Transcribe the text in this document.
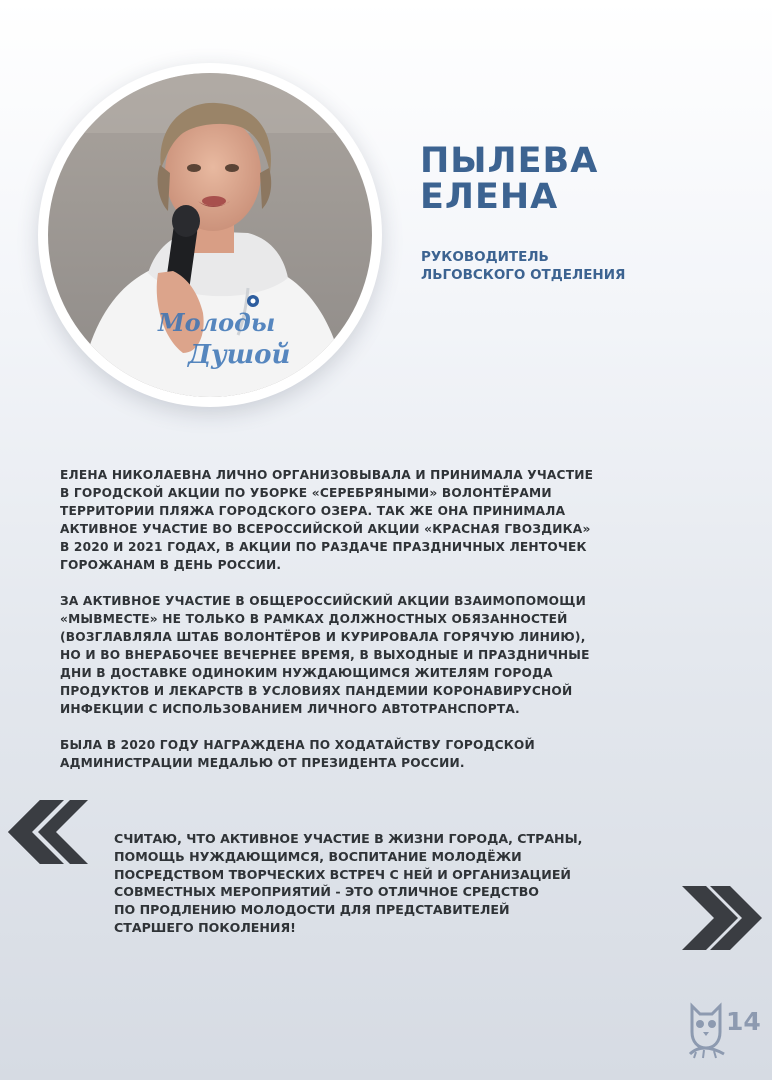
Молоды
Душой
ПЫЛЕВА
ЕЛЕНА

РУКОВОДИТЕЛЬ
ЛЬГОВСКОГО ОТДЕЛЕНИЯ

ЕЛЕНА НИКОЛАЕВНА ЛИЧНО ОРГАНИЗОВЫВАЛА И ПРИНИМАЛА УЧАСТИЕ
В ГОРОДСКОЙ АКЦИИ ПО УБОРКЕ «СЕРЕБРЯНЫМИ» ВОЛОНТЁРАМИ
ТЕРРИТОРИИ ПЛЯЖА ГОРОДСКОГО ОЗЕРА. ТАК ЖЕ ОНА ПРИНИМАЛА
АКТИВНОЕ УЧАСТИЕ ВО ВСЕРОССИЙСКОЙ АКЦИИ «КРАСНАЯ ГВОЗДИКА»
В 2020 И 2021 ГОДАХ, В АКЦИИ ПО РАЗДАЧЕ ПРАЗДНИЧНЫХ ЛЕНТОЧЕК
ГОРОЖАНАМ В ДЕНЬ РОССИИ.

ЗА АКТИВНОЕ УЧАСТИЕ В ОБЩЕРОССИЙСКИЙ АКЦИИ ВЗАИМОПОМОЩИ
«МЫВМЕСТЕ» НЕ ТОЛЬКО В РАМКАХ ДОЛЖНОСТНЫХ ОБЯЗАННОСТЕЙ
(ВОЗГЛАВЛЯЛА ШТАБ ВОЛОНТЁРОВ И КУРИРОВАЛА ГОРЯЧУЮ ЛИНИЮ),
НО И ВО ВНЕРАБОЧЕЕ ВЕЧЕРНЕЕ ВРЕМЯ, В ВЫХОДНЫЕ И ПРАЗДНИЧНЫЕ
ДНИ В ДОСТАВКЕ ОДИНОКИМ НУЖДАЮЩИМСЯ ЖИТЕЛЯМ ГОРОДА
ПРОДУКТОВ И ЛЕКАРСТВ В УСЛОВИЯХ ПАНДЕМИИ КОРОНАВИРУСНОЙ
ИНФЕКЦИИ С ИСПОЛЬЗОВАНИЕМ ЛИЧНОГО АВТОТРАНСПОРТА.

БЫЛА В 2020 ГОДУ НАГРАЖДЕНА ПО ХОДАТАЙСТВУ ГОРОДСКОЙ
АДМИНИСТРАЦИИ МЕДАЛЬЮ ОТ ПРЕЗИДЕНТА РОССИИ.

СЧИТАЮ, ЧТО АКТИВНОЕ УЧАСТИЕ В ЖИЗНИ ГОРОДА, СТРАНЫ,
ПОМОЩЬ НУЖДАЮЩИМСЯ, ВОСПИТАНИЕ МОЛОДЁЖИ
ПОСРЕДСТВОМ ТВОРЧЕСКИХ ВСТРЕЧ С НЕЙ И ОРГАНИЗАЦИЕЙ
СОВМЕСТНЫХ МЕРОПРИЯТИЙ - ЭТО ОТЛИЧНОЕ СРЕДСТВО
ПО ПРОДЛЕНИЮ МОЛОДОСТИ ДЛЯ ПРЕДСТАВИТЕЛЕЙ
СТАРШЕГО ПОКОЛЕНИЯ!

14
